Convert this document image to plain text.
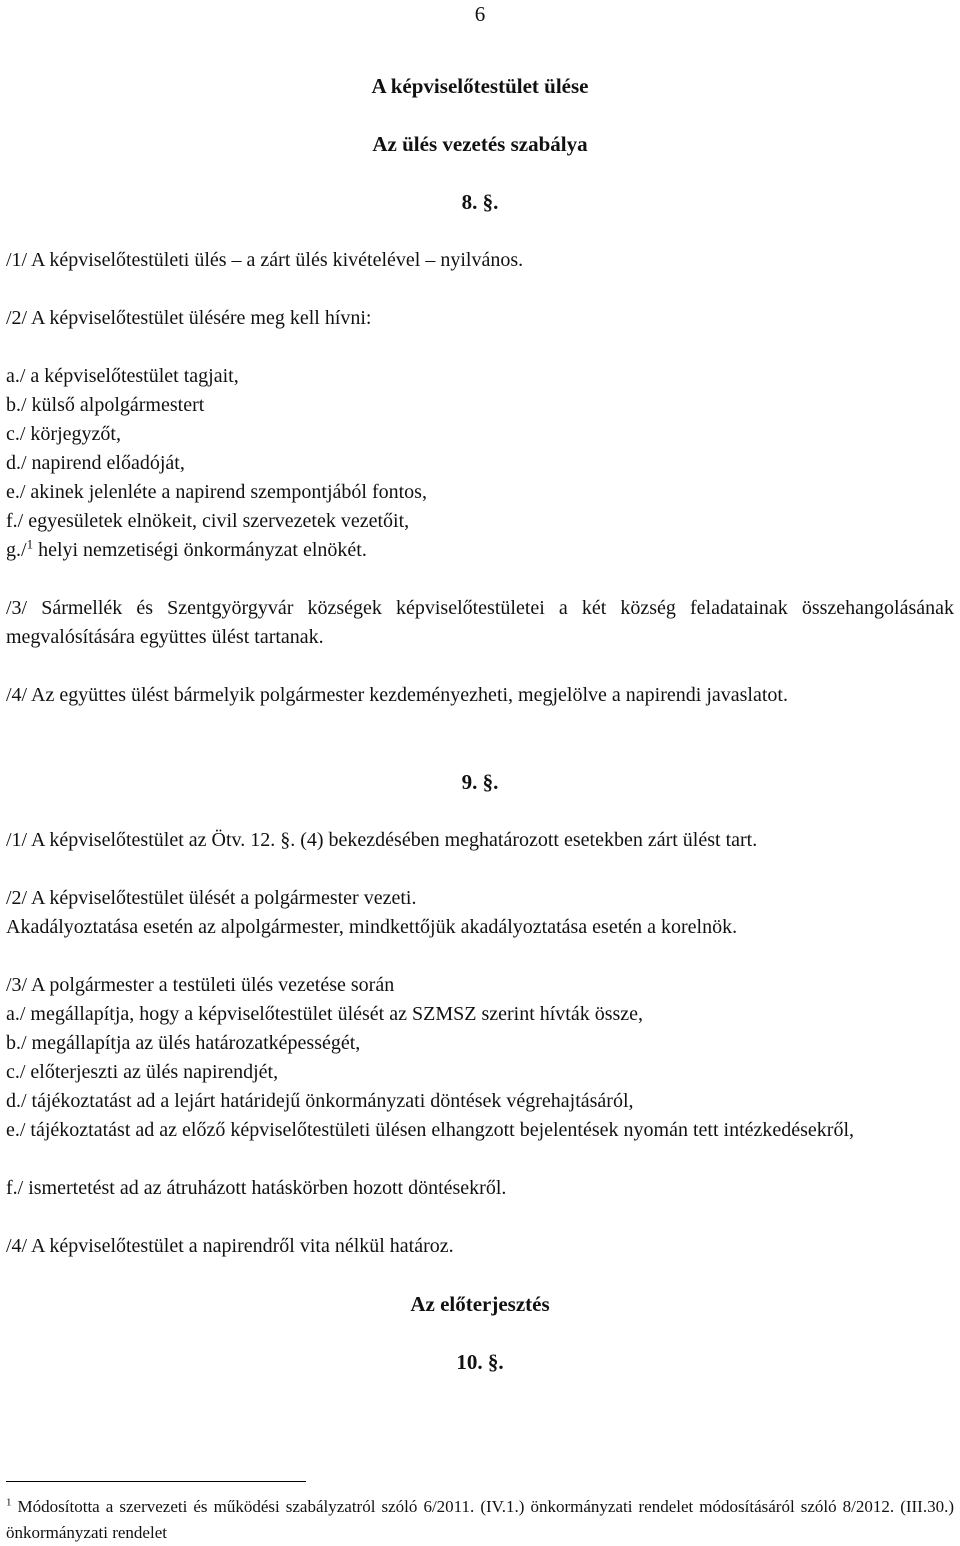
6
A képviselőtestület ülése
Az ülés vezetés szabálya
8. §.

/1/ A képviselőtestületi ülés – a zárt ülés kivételével – nyilvános.

/2/ A képviselőtestület ülésére meg kell hívni:

a./ a képviselőtestület tagjait,
b./ külső alpolgármestert
c./ körjegyzőt,
d./ napirend előadóját,
e./ akinek jelenléte a napirend szempontjából fontos,
f./ egyesületek elnökeit, civil szervezetek vezetőit,
g./$^1$ helyi nemzetiségi önkormányzat elnökét.

/3/ Sármellék és Szentgyörgyvár községek képviselőtestületei a két község feladatainak összehangolásának megvalósítására együttes ülést tartanak.

/4/ Az együttes ülést bármelyik polgármester kezdeményezheti, megjelölve a napirendi javaslatot.

9. §.

/1/ A képviselőtestület az Ötv. 12. §. (4) bekezdésében meghatározott esetekben zárt ülést tart.

/2/ A képviselőtestület ülését a polgármester vezeti.

Akadályoztatása esetén az alpolgármester, mindkettőjük akadályoztatása esetén a korelnök.

/3/ A polgármester a testületi ülés vezetése során

a./ megállapítja, hogy a képviselőtestület ülését az SZMSZ szerint hívták össze,
b./ megállapítja az ülés határozatképességét,
c./ előterjeszti az ülés napirendjét,
d./ tájékoztatást ad a lejárt határidejű önkormányzati döntések végrehajtásáról,

e./ tájékoztatást ad az előző képviselőtestületi ülésen elhangzott bejelentések nyomán tett intézkedésekről,

f./ ismertetést ad az átruházott hatáskörben hozott döntésekről.

/4/ A képviselőtestület a napirendről vita nélkül határoz.

Az előterjesztés
10. §.

$^1$ Módosította a szervezeti és működési szabályzatról szóló 6/2011. (IV.1.) önkormányzati rendelet módosításáról szóló 8/2012. (III.30.) önkormányzati rendelet
